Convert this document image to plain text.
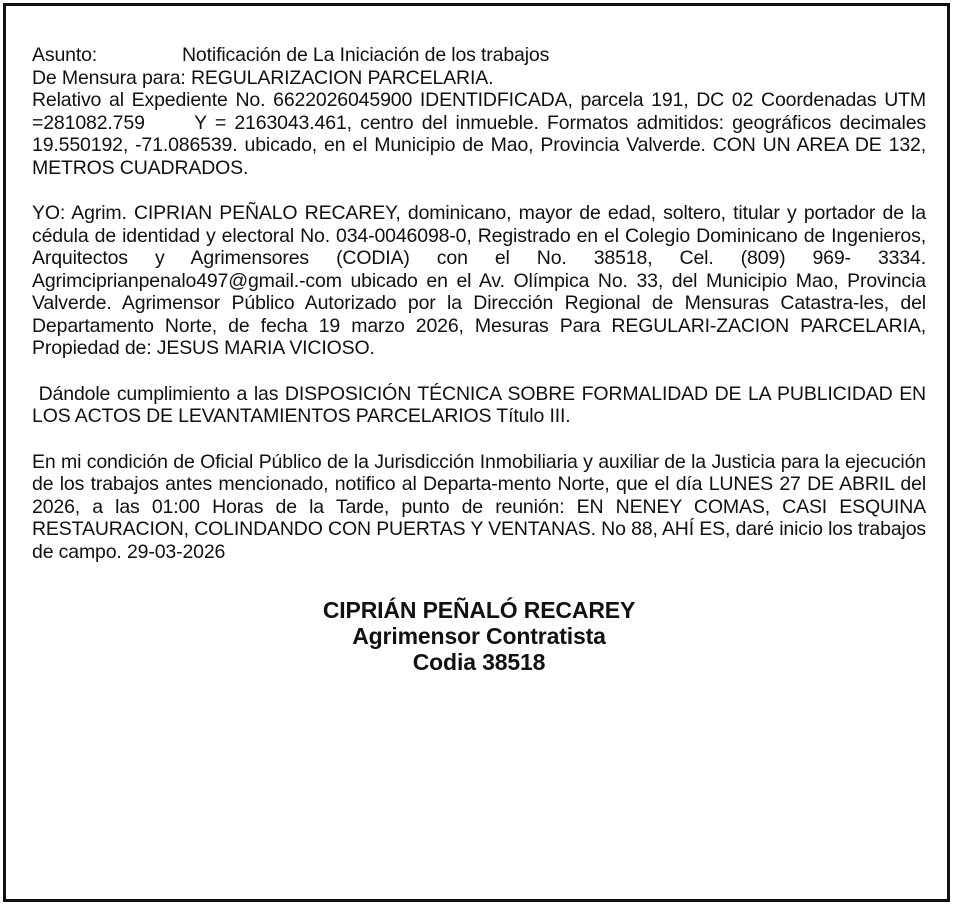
Asunto:	Notificación de La Iniciación de los trabajos
De Mensura para: REGULARIZACION PARCELARIA.

Relativo al Expediente No. 6622026045900 IDENTIDFICADA, parcela 191, DC 02 Coordenadas UTM =281082.759      Y = 2163043.461, centro del inmueble. Formatos admitidos: geográficos decimales 19.550192, -71.086539. ubicado, en el Municipio de Mao, Provincia Valverde. CON UN AREA DE 132, METROS CUADRADOS.

YO: Agrim. CIPRIAN PEÑALO RECAREY, dominicano, mayor de edad, soltero, titular y portador de la cédula de identidad y electoral No. 034-0046098-0, Registrado en el Colegio Dominicano de Ingenieros, Arquitectos y Agrimensores (CODIA) con el No. 38518, Cel. (809) 969- 3334. Agrimciprianpenalo497@gmail.-com ubicado en el Av. Olímpica No. 33, del Municipio Mao, Provincia Valverde. Agrimensor Público Autorizado por la Dirección Regional de Mensuras Catastra-les, del Departamento Norte, de fecha 19 marzo 2026, Mesuras Para REGULARI-ZACION PARCELARIA, Propiedad de: JESUS MARIA VICIOSO.

Dándole cumplimiento a las DISPOSICIÓN TÉCNICA SOBRE FORMALIDAD DE LA PUBLICIDAD EN LOS ACTOS DE LEVANTAMIENTOS PARCELARIOS Título III.

En mi condición de Oficial Público de la Jurisdicción Inmobiliaria y auxiliar de la Justicia para la ejecución de los trabajos antes mencionado, notifico al Departa-mento Norte, que el día LUNES 27 DE ABRIL del 2026, a las 01:00 Horas de la Tarde, punto de reunión: EN NENEY COMAS, CASI ESQUINA RESTAURACION, COLINDANDO CON PUERTAS Y VENTANAS. No 88, AHÍ ES, daré inicio los trabajos de campo. 29-03-2026

CIPRIÁN PEÑALÓ RECAREY
Agrimensor Contratista
Codia 38518
